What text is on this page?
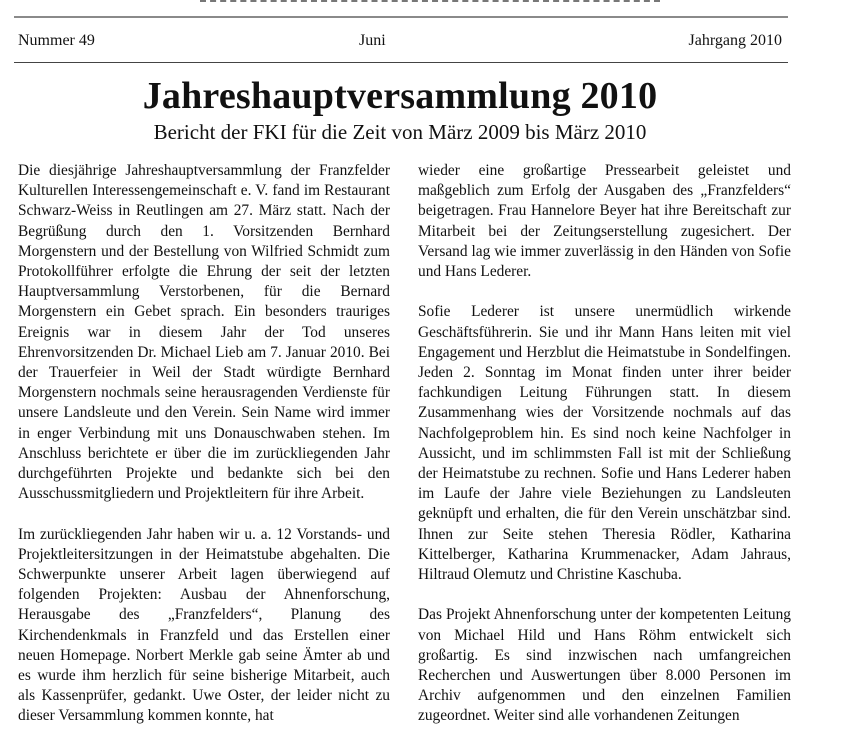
Nummer 49	Juni	Jahrgang 2010
Jahreshauptversammlung 2010
Bericht der FKI für die Zeit von März 2009 bis März 2010

Die diesjährige Jahreshauptversammlung der Franzfelder Kulturellen Interessengemeinschaft e. V. fand im Restaurant Schwarz-Weiss in Reutlingen am 27. März statt. Nach der Begrüßung durch den 1. Vorsitzenden Bernhard Morgenstern und der Bestellung von Wilfried Schmidt zum Protokollführer erfolgte die Ehrung der seit der letzten Hauptversammlung Verstorbenen, für die Bernard Morgenstern ein Gebet sprach. Ein besonders trauriges Ereignis war in diesem Jahr der Tod unseres Ehrenvorsitzenden Dr. Michael Lieb am 7. Januar 2010. Bei der Trauerfeier in Weil der Stadt würdigte Bernhard Morgenstern nochmals seine herausragenden Verdienste für unsere Landsleute und den Verein. Sein Name wird immer in enger Verbindung mit uns Donauschwaben stehen. Im Anschluss berichtete er über die im zurückliegenden Jahr durchgeführten Projekte und bedankte sich bei den Ausschussmitgliedern und Projektleitern für ihre Arbeit.

Im zurückliegenden Jahr haben wir u. a. 12 Vorstands- und Projektleitersitzungen in der Heimatstube abgehalten. Die Schwerpunkte unserer Arbeit lagen überwiegend auf folgenden Projekten: Ausbau der Ahnenforschung, Herausgabe des „Franzfelders“, Planung des Kirchendenkmals in Franzfeld und das Erstellen einer neuen Homepage. Norbert Merkle gab seine Ämter ab und es wurde ihm herzlich für seine bisherige Mitarbeit, auch als Kassenprüfer, gedankt. Uwe Oster, der leider nicht zu dieser Versammlung kommen konnte, hat

wieder eine großartige Pressearbeit geleistet und maßgeblich zum Erfolg der Ausgaben des „Franzfelders“ beigetragen. Frau Hannelore Beyer hat ihre Bereitschaft zur Mitarbeit bei der Zeitungserstellung zugesichert. Der Versand lag wie immer zuverlässig in den Händen von Sofie und Hans Lederer.

Sofie Lederer ist unsere unermüdlich wirkende Geschäftsführerin. Sie und ihr Mann Hans leiten mit viel Engagement und Herzblut die Heimatstube in Sondelfingen. Jeden 2. Sonntag im Monat finden unter ihrer beider fachkundigen Leitung Führungen statt. In diesem Zusammenhang wies der Vorsitzende nochmals auf das Nachfolgeproblem hin. Es sind noch keine Nachfolger in Aussicht, und im schlimmsten Fall ist mit der Schließung der Heimatstube zu rechnen. Sofie und Hans Lederer haben im Laufe der Jahre viele Beziehungen zu Landsleuten geknüpft und erhalten, die für den Verein unschätzbar sind. Ihnen zur Seite stehen Theresia Rödler, Katharina Kittelberger, Katharina Krummenacker, Adam Jahraus, Hiltraud Olemutz und Christine Kaschuba.

Das Projekt Ahnenforschung unter der kompetenten Leitung von Michael Hild und Hans Röhm entwickelt sich großartig. Es sind inzwischen nach umfangreichen Recherchen und Auswertungen über 8.000 Personen im Archiv aufgenommen und den einzelnen Familien zugeordnet. Weiter sind alle vorhandenen Zeitungen
